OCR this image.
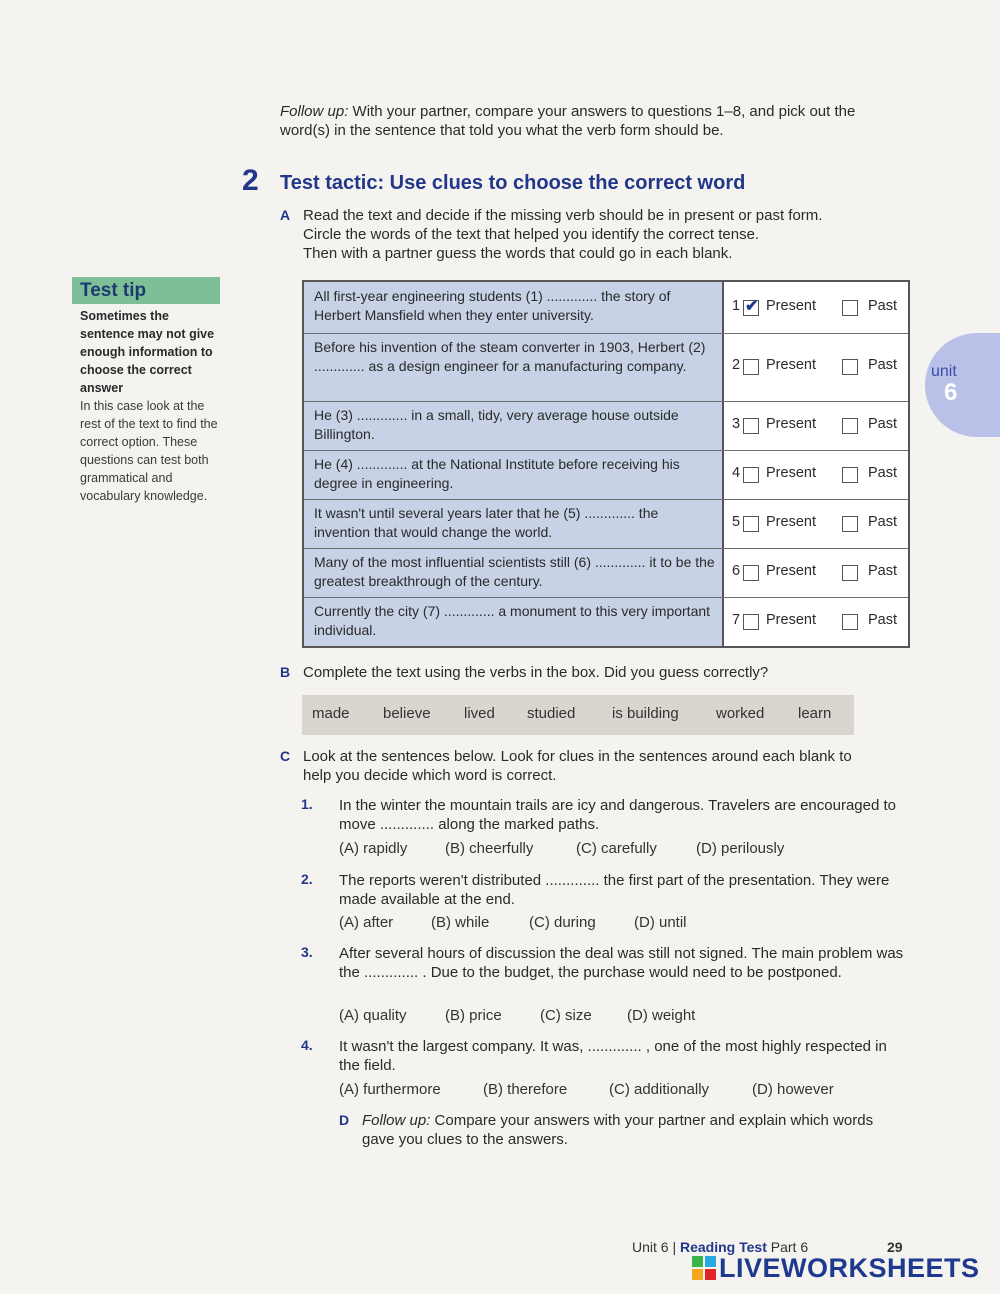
Follow up: With your partner, compare your answers to questions 1–8, and pick out the word(s) in the sentence that told you what the verb form should be.
2 Test tactic: Use clues to choose the correct word
A Read the text and decide if the missing verb should be in present or past form.
Circle the words of the text that helped you identify the correct tense.
Then with a partner guess the words that could go in each blank.
Test tip
Sometimes the sentence may not give enough information to choose the correct answer
In this case look at the rest of the text to find the correct option. These questions can test both grammatical and vocabulary knowledge.
All first-year engineering students (1) ............. the story of Herbert Mansfield when they enter university.
1 ✔ Present	Past
Before his invention of the steam converter in 1903, Herbert (2) ............. as a design engineer for a manufacturing company.	2 Present	Past
He (3) ............. in a small, tidy, very average house outside Billington.
3 Present	Past
He (4) ............. at the National Institute before receiving his degree in engineering.
4 Present	Past
It wasn't until several years later that he (5) ............. the invention that would change the world.
5 Present	Past
Many of the most influential scientists still (6) ............. it to be the greatest breakthrough of the century.
6 Present	Past
Currently the city (7) ............. a monument to this very important individual.
7 Present	Past
B Complete the text using the verbs in the box. Did you guess correctly?
made believe lived studied is building worked learn
C Look at the sentences below. Look for clues in the sentences around each blank to
help you decide which word is correct.
1. In the winter the mountain trails are icy and dangerous. Travelers are encouraged to move ............. along the marked paths.
(A) rapidly	(B) cheerfully	(C) carefully	(D) perilously
2. The reports weren't distributed ............. the first part of the presentation. They were made available at the end.
(A) after	(B) while	(C) during	(D) until
3. After several hours of discussion the deal was still not signed. The main problem was the ............. . Due to the budget, the purchase would need to be postponed.
(A) quality	(B) price	(C) size (D) weight
4. It wasn't the largest company. It was, ............. , one of the most highly respected in the field.
(A) furthermore	(B) therefore	(C) additionally	(D) however
D Follow up: Compare your answers with your partner and explain which words gave you clues to the answers.
unit
6
Unit 6 | Reading Test Part 6	29
LIVEWORKSHEETS
